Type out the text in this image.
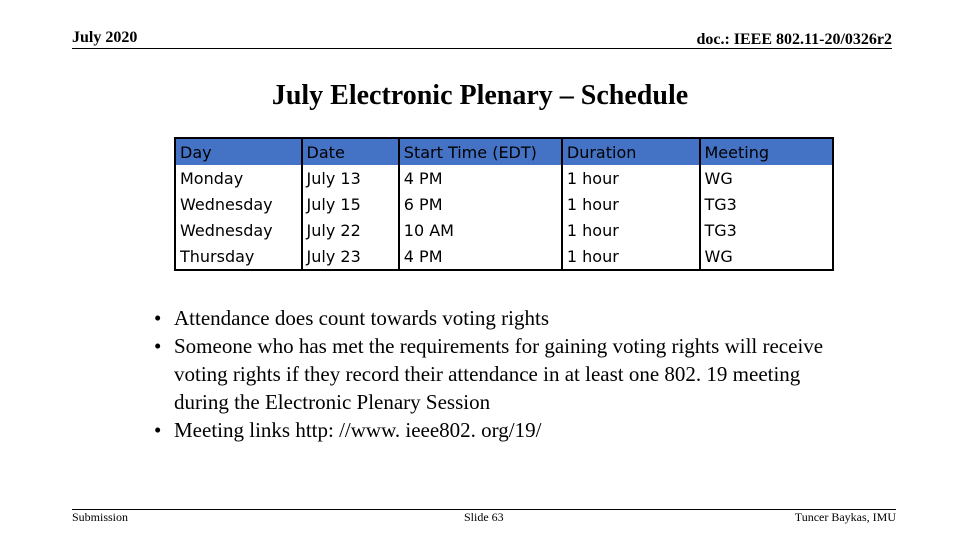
July 2020	doc.: IEEE 802.11-20/0326r2
July Electronic Plenary – Schedule
Day	Date	Start Time (EDT)	Duration	Meeting
Monday	July 13	4 PM	1 hour	WG
Wednesday	July 15	6 PM	1 hour	TG3
Wednesday	July 22	10 AM	1 hour	TG3
Thursday	July 23	4 PM	1 hour	WG
• Attendance does count towards voting rights
• Someone who has met the requirements for gaining voting rights will receive voting rights if they record their attendance in at least one 802. 19 meeting during the Electronic Plenary Session
• Meeting links http: //www. ieee802. org/19/
Submission	Slide 63	Tuncer Baykas, IMU
